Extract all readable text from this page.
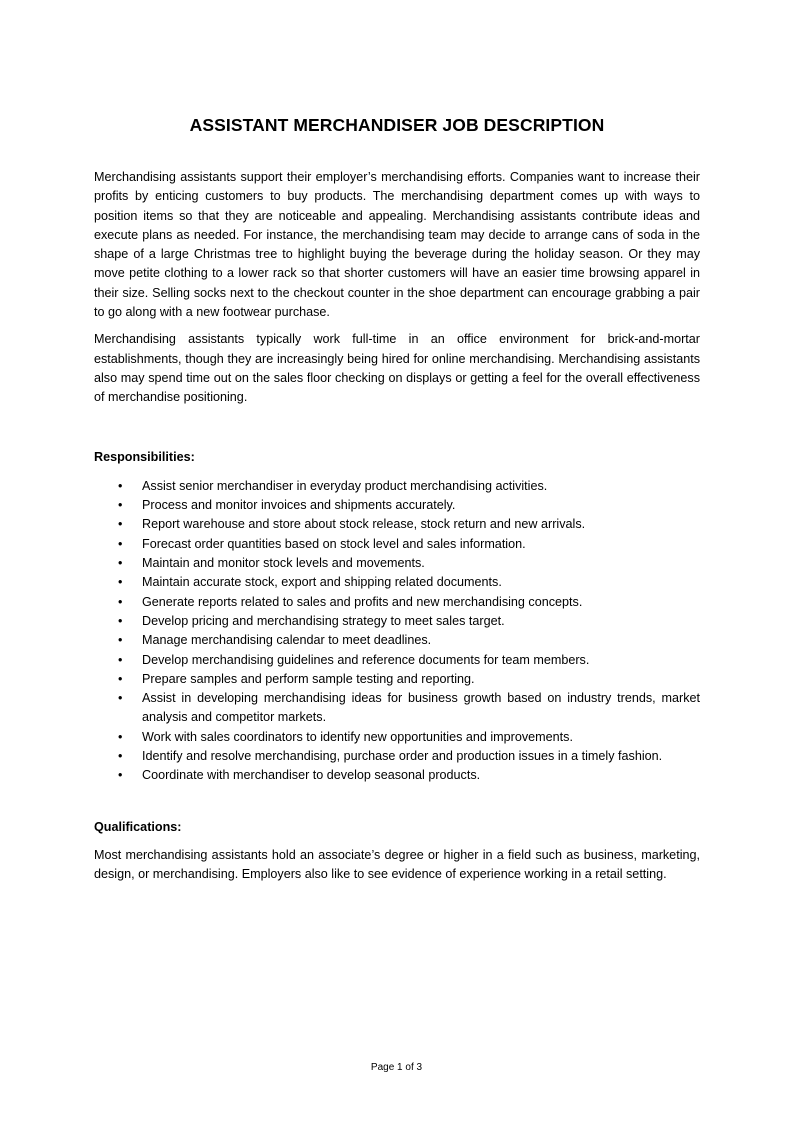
ASSISTANT MERCHANDISER JOB DESCRIPTION

Merchandising assistants support their employer’s merchandising efforts. Companies want to increase their profits by enticing customers to buy products. The merchandising department comes up with ways to position items so that they are noticeable and appealing. Merchandising assistants contribute ideas and execute plans as needed. For instance, the merchandising team may decide to arrange cans of soda in the shape of a large Christmas tree to highlight buying the beverage during the holiday season. Or they may move petite clothing to a lower rack so that shorter customers will have an easier time browsing apparel in their size. Selling socks next to the checkout counter in the shoe department can encourage grabbing a pair to go along with a new footwear purchase.

Merchandising assistants typically work full-time in an office environment for brick-and-mortar establishments, though they are increasingly being hired for online merchandising. Merchandising assistants also may spend time out on the sales floor checking on displays or getting a feel for the overall effectiveness of merchandise positioning.

Responsibilities:

• Assist senior merchandiser in everyday product merchandising activities.
• Process and monitor invoices and shipments accurately.
• Report warehouse and store about stock release, stock return and new arrivals.
• Forecast order quantities based on stock level and sales information.
• Maintain and monitor stock levels and movements.
• Maintain accurate stock, export and shipping related documents.
• Generate reports related to sales and profits and new merchandising concepts.
• Develop pricing and merchandising strategy to meet sales target.
• Manage merchandising calendar to meet deadlines.
• Develop merchandising guidelines and reference documents for team members.
• Prepare samples and perform sample testing and reporting.
• Assist in developing merchandising ideas for business growth based on industry trends, market analysis and competitor markets.
• Work with sales coordinators to identify new opportunities and improvements.
• Identify and resolve merchandising, purchase order and production issues in a timely fashion.
• Coordinate with merchandiser to develop seasonal products.

Qualifications:

Most merchandising assistants hold an associate’s degree or higher in a field such as business, marketing, design, or merchandising. Employers also like to see evidence of experience working in a retail setting.

Page 1 of 3
